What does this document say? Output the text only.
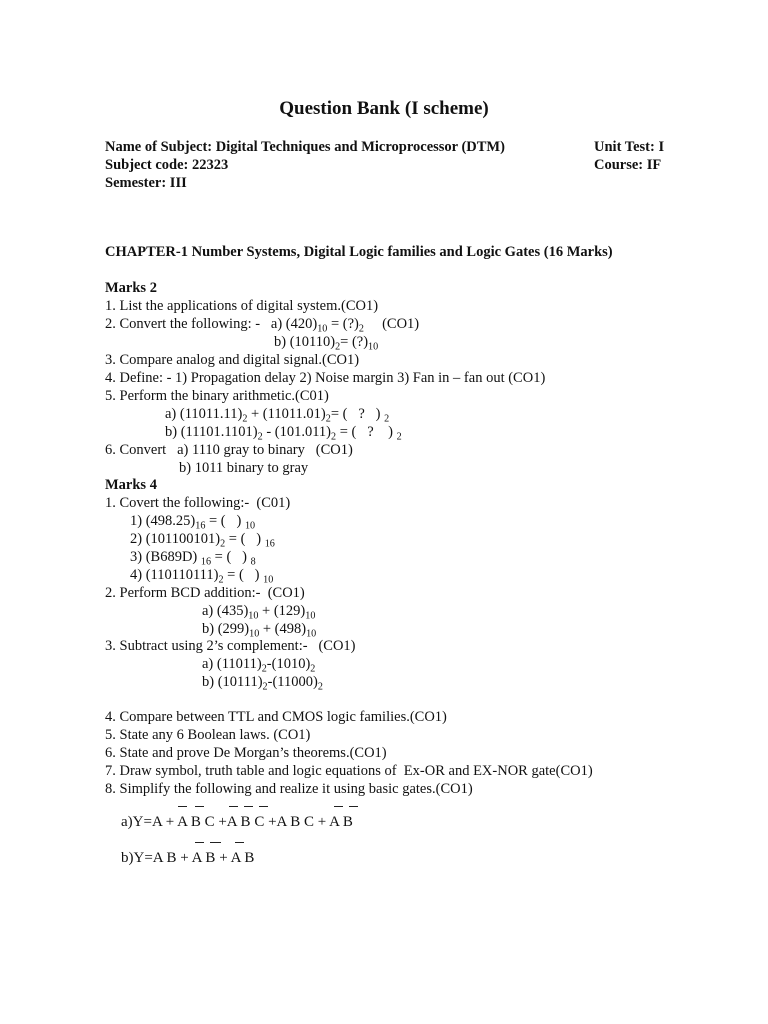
Question Bank (I scheme)
Name of Subject: Digital Techniques and Microprocessor (DTM)	Unit Test: I
Subject code: 22323	Course: IF
Semester: III
CHAPTER-1 Number Systems, Digital Logic families and Logic Gates (16 Marks)
Marks 2
1. List the applications of digital system.(CO1)
2. Convert the following: - a) $(420)_{10}$ = $(?)_2$ (CO1)
b) $(10110)_2=$ $(?)_{10}$
3. Compare analog and digital signal.(CO1)
4. Define: - 1) Propagation delay 2) Noise margin 3) Fan in – fan out (CO1)
5. Perform the binary arithmetic.(C01)
a) $(11011.11)_2 + (11011.01)_2=$ (   ?   ) $_2$
b) $(11101.1101)_2 - (101.011)_2$ = (   ?    ) $_2$
6. Convert   a) 1110 gray to binary   (CO1)
b) 1011 binary to gray
Marks 4
1. Covert the following:-  (C01)
1) $(498.25)_{16}$ = (   ) $_{10}$
2) $(101100101)_2$ = (   ) $_{16}$
3) (B689D) $_{16}$ = (   ) $_8$
4) $(110110111)_2$ = (   ) $_{10}$
2. Perform BCD addition:-  (CO1)
a) $(435)_{10} + (129)_{10}$
b) $(299)_{10} + (498)_{10}$
3. Subtract using 2’s complement:-   (CO1)
a) $(11011)_2-(1010)_2$
b) $(10111)_2-(11000)_2$
4. Compare between TTL and CMOS logic families.(CO1)
5. State any 6 Boolean laws. (CO1)
6. State and prove De Morgan’s theorems.(CO1)
7. Draw symbol, truth table and logic equations of  Ex-OR and EX-NOR gate(CO1)
8. Simplify the following and realize it using basic gates.(CO1)
a)Y=A + A B C +A B C +A B C + A B
b)Y=A B + A B + A B
